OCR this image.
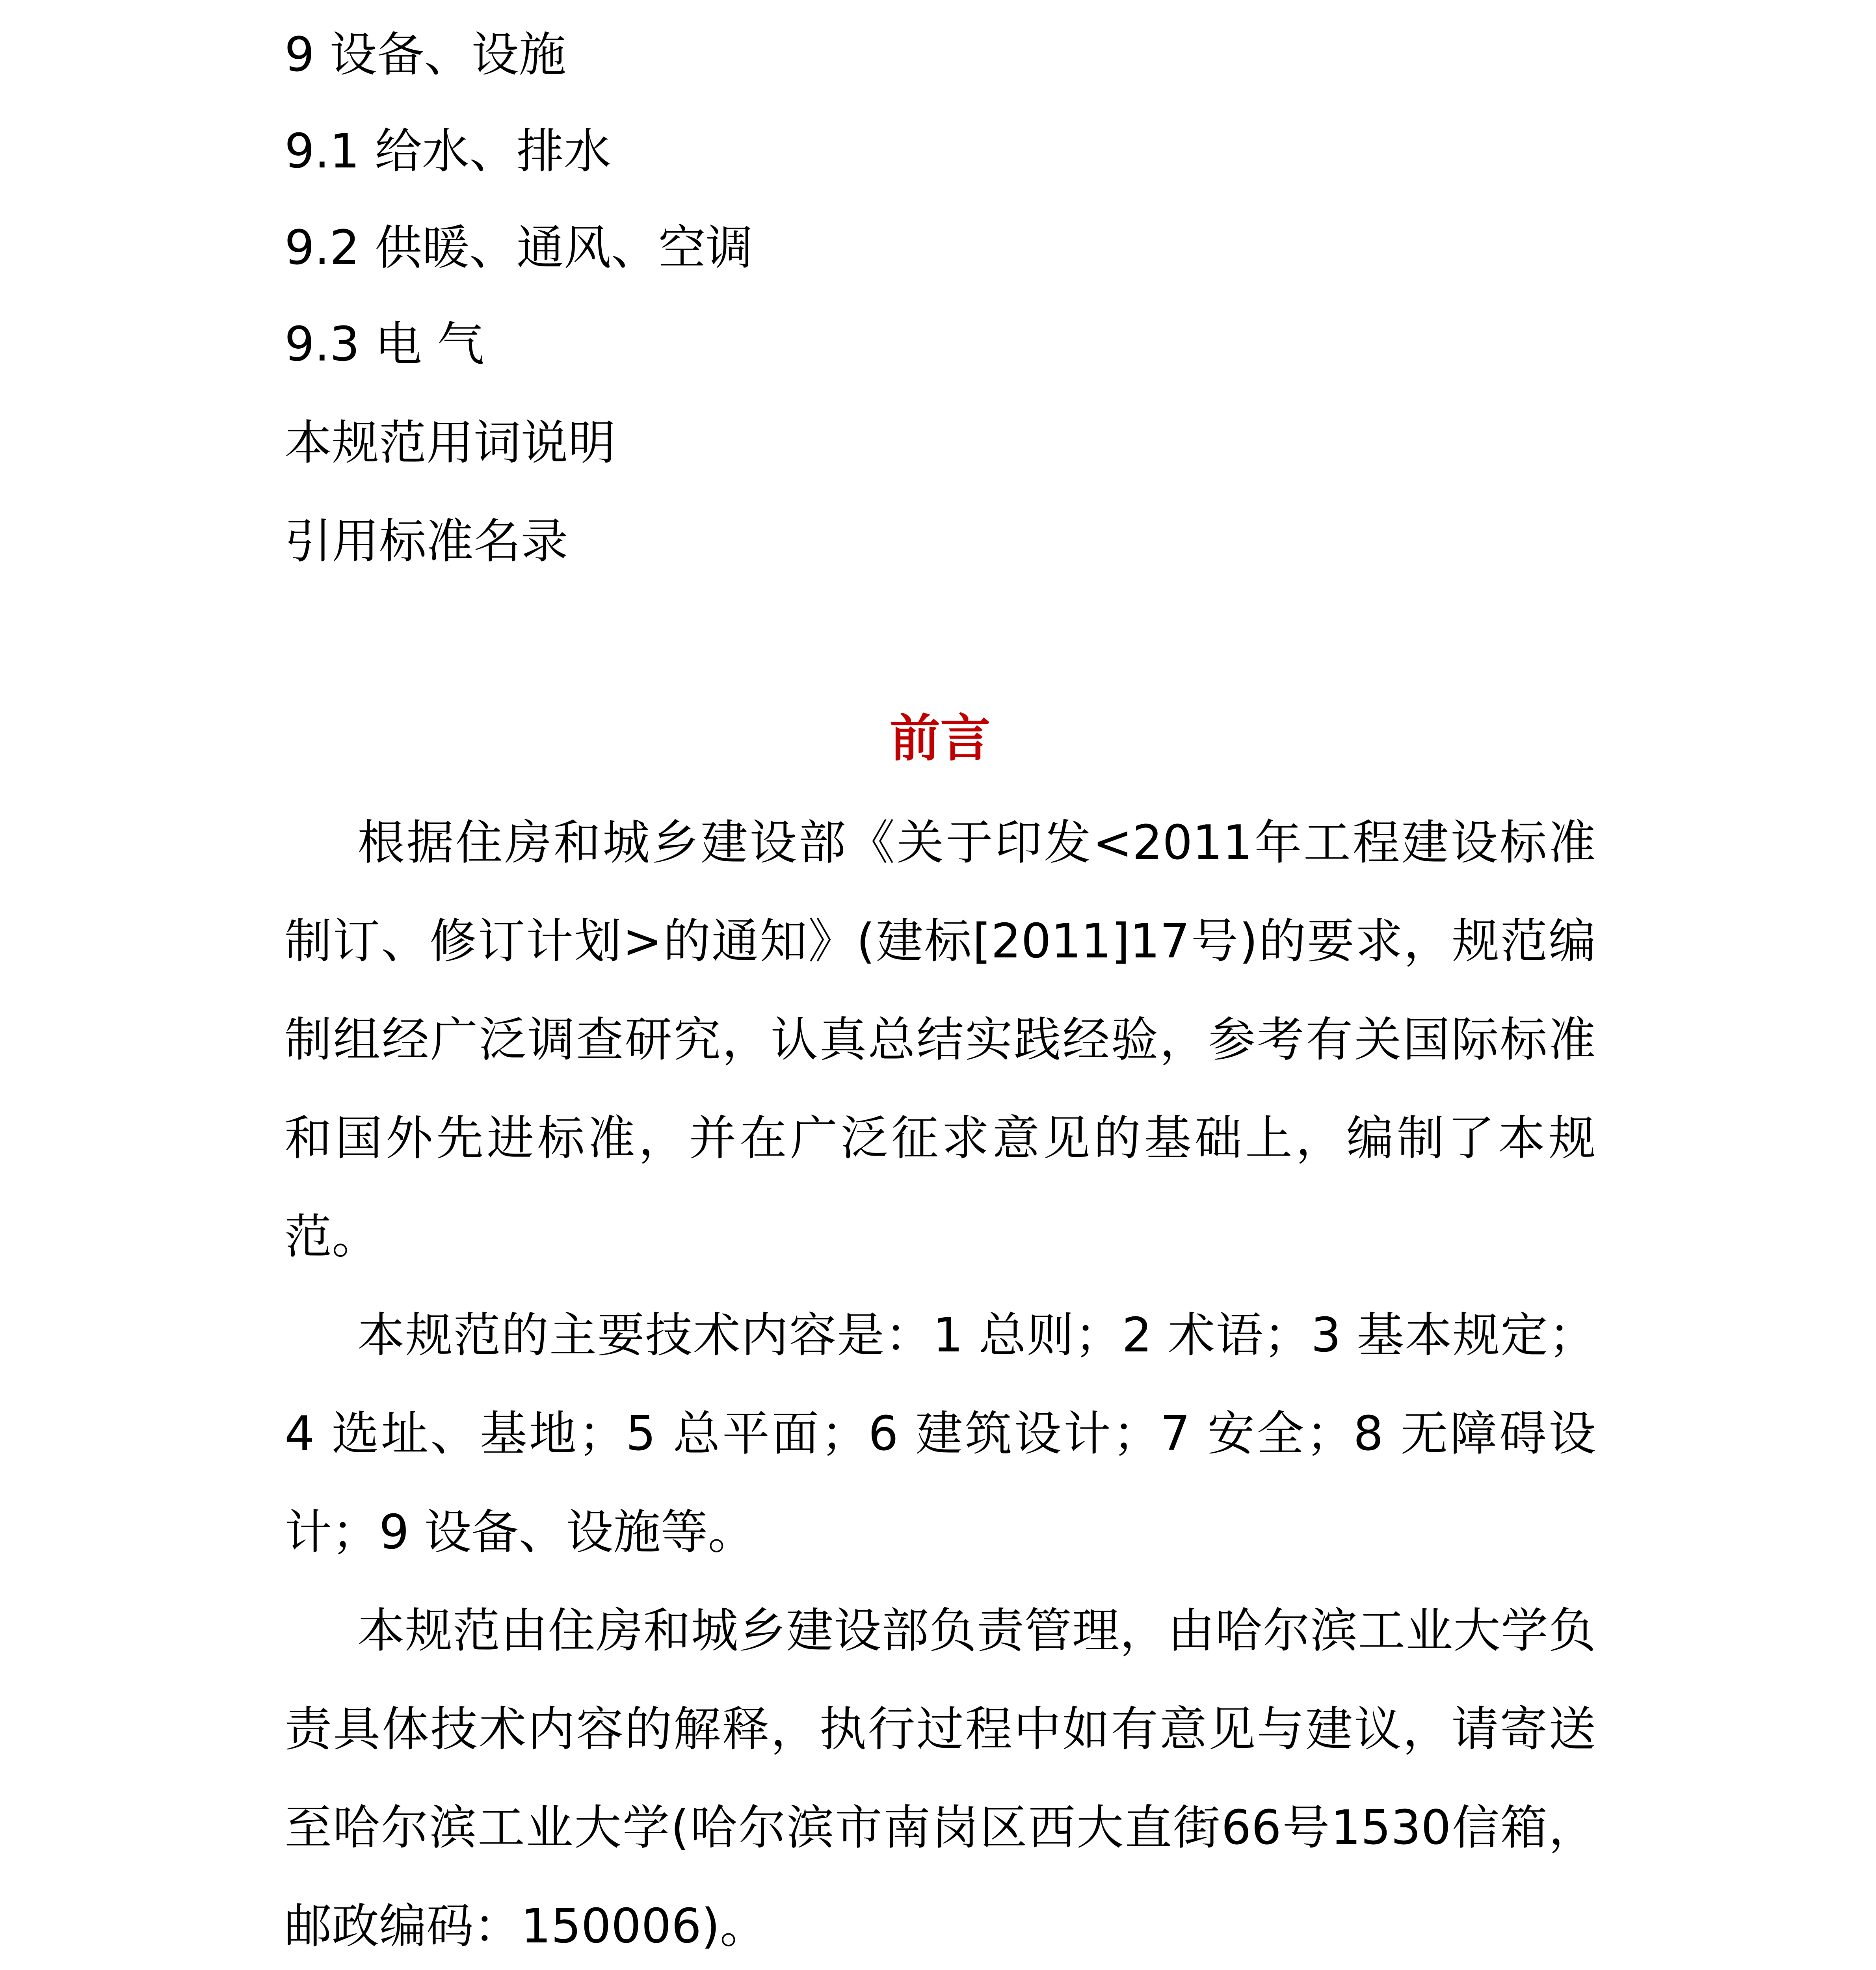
9 设备、设施
9.1 给水、排水
9.2 供暖、通风、空调
9.3 电 气
本规范用词说明
引用标准名录
前言
根据住房和城乡建设部《关于印发<2011年工程建设标准制订、修订计划>的通知》(建标[2011]17号)的要求，规范编制组经广泛调查研究，认真总结实践经验，参考有关国际标准和国外先进标准，并在广泛征求意见的基础上，编制了本规范。
本规范的主要技术内容是：1 总则；2 术语；3 基本规定；4 选址、基地；5 总平面；6 建筑设计；7 安全；8 无障碍设计；9 设备、设施等。
本规范由住房和城乡建设部负责管理，由哈尔滨工业大学负责具体技术内容的解释，执行过程中如有意见与建议，请寄送至哈尔滨工业大学(哈尔滨市南岗区西大直街66号1530信箱，邮政编码：150006)。
